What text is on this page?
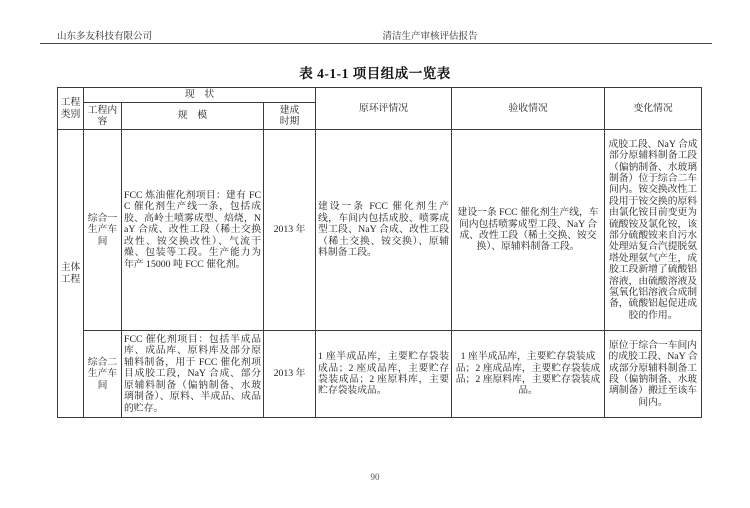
山东多友科技有限公司	清洁生产审核评估报告
表 4-1-1 项目组成一览表
工程类别	现　状			原环评情况	验收情况	变化情况
	工程内容	规　模	建成时期			
主体工程	综合一生产车间	FCC 炼油催化剂项目：建有 FCC 催化剂生产线一条，包括成胶、高岭土喷雾成型、焙烧，NaY 合成、改性工段（稀土交换改性、铵交换改性）、气流干燥、包装等工段。生产能力为年产 15000 吨 FCC 催化剂。	2013 年	建设一条 FCC 催化剂生产线，车间内包括成胶、喷雾成型工段、NaY 合成、改性工段（稀土交换、铵交换）、原辅料制备工段。	建设一条 FCC 催化剂生产线，车间内包括喷雾成型工段、NaY 合成、改性工段（稀土交换、铵交换）、原辅料制备工段。	成胶工段、NaY 合成部分原辅料制备工段（偏钠制备、水玻璃制备）位于综合二车间内。铵交换改性工段用于铵交换的原料由氯化铵目前变更为硫酸铵及氯化铵，该部分硫酸铵来自污水处理站复合汽提脱氨塔处理氨气产生，成胶工段新增了硫酸铝溶液，由硫酸溶液及氢氧化铝溶液合成制备，硫酸铝起促进成胶的作用。
	综合二生产车间	FCC 催化剂项目：包括半成品库、成品库、原料库及部分原辅料制备，用于 FCC 催化剂项目成胶工段，NaY 合成、部分原辅料制备（偏钠制备、水玻璃制备）、原料、半成品、成品的贮存。	2013 年	1 座半成品库，主要贮存袋装成品；2 座成品库，主要贮存袋装成品；2 座原料库，主要贮存袋装成品。	1 座半成品库，主要贮存袋装成品；2 座成品库，主要贮存袋装成品；2 座原料库，主要贮存袋装成品。	原位于综合一车间内的成胶工段、NaY 合成部分原辅料制备工段（偏钠制备、水玻璃制备）搬迁至该车间内。
90
